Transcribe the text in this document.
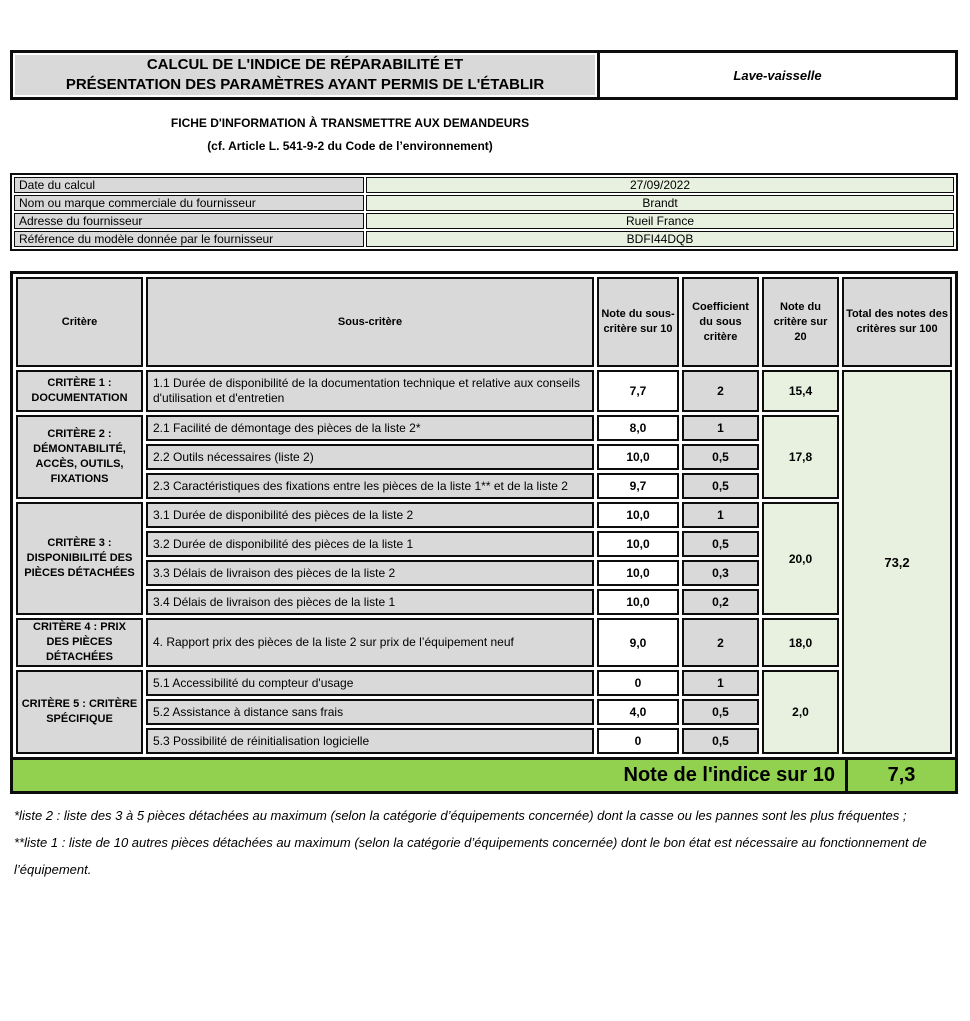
CALCUL DE L'INDICE DE RÉPARABILITÉ ET
PRÉSENTATION DES PARAMÈTRES AYANT PERMIS DE L'ÉTABLIR
Lave-vaisselle
FICHE D'INFORMATION À TRANSMETTRE AUX DEMANDEURS
(cf. Article L. 541-9-2 du Code de l’environnement)
Date du calcul	27/09/2022
Nom ou marque commerciale du fournisseur	Brandt
Adresse du fournisseur	Rueil France
Référence du modèle donnée par le fournisseur	BDFI44DQB
Critère	Sous-critère	Note du sous-critère sur 10	Coefficient du sous critère	Note du critère sur 20	Total des notes des critères sur 100
CRITÈRE 1 : DOCUMENTATION	1.1 Durée de disponibilité de la documentation technique et relative aux conseils d'utilisation et d'entretien	7,7	2	15,4	73,2
CRITÈRE 2 : DÉMONTABILITÉ, ACCÈS, OUTILS, FIXATIONS	2.1 Facilité de démontage des pièces de la liste 2*	8,0	1	17,8	
	2.2 Outils nécessaires (liste 2)	10,0	0,5		
	2.3 Caractéristiques des fixations entre les pièces de la liste 1** et de la liste 2	9,7	0,5		
CRITÈRE 3 : DISPONIBILITÉ DES PIÈCES DÉTACHÉES	3.1 Durée de disponibilité des pièces de la liste 2	10,0	1	20,0	
	3.2 Durée de disponibilité des pièces de la liste 1	10,0	0,5		
	3.3 Délais de livraison des pièces de la liste 2	10,0	0,3		
	3.4 Délais de livraison des pièces de la liste 1	10,0	0,2		
CRITÈRE 4 : PRIX DES PIÈCES DÉTACHÉES	4. Rapport prix des pièces de la liste 2 sur prix de l’équipement neuf	9,0	2	18,0	
CRITÈRE 5 : CRITÈRE SPÉCIFIQUE	5.1 Accessibilité du compteur d'usage	0	1	2,0	
	5.2 Assistance à distance sans frais	4,0	0,5		
	5.3 Possibilité de réinitialisation logicielle	0	0,5		
Note de l'indice sur 10	7,3

*liste 2 : liste des 3 à 5 pièces détachées au maximum (selon la catégorie d’équipements concernée) dont la casse ou les pannes sont les plus fréquentes ;

**liste 1 : liste de 10 autres pièces détachées au maximum (selon la catégorie d’équipements concernée) dont le bon état est nécessaire au fonctionnement de l’équipement.
